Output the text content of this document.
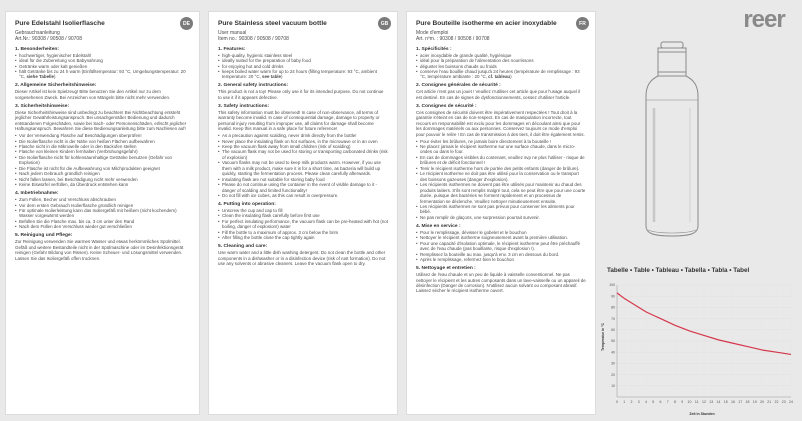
reer
Pure Edelstahl Isolierflasche	DE
Gebrauchsanleitung
Art.Nr.: 90308 / 90508 / 90708
1. Besonderheiten:
• hochwertiger, hygienischer Edelstahl
• ideal für die Zubereitung von Babynahrung
• Getränke warm oder kalt genießen
• hält Getränke bis zu 24 h warm (Einfülltemperatur: 93 °C, Umgebungstemperatur: 20 °C, siehe Tabelle)
2. Allgemeine Sicherheitshinweise:

Dieser Artikel ist kein Spielzeug! Bitte benutzen Sie den Artikel nur zu dem vorgesehenen Zweck. Bei Anzeichen von Mängeln bitte nicht mehr verwenden.

3. Sicherheitshinweise:

Diese Sicherheitshinweise sind unbedingt zu beachten! Bei Nichtbeachtung entsteht jeglicher Gewährleistungsanspruch. Bei unsachgemäßer Bedienung und dadurch entstandenen Folgeschäden, sowie bei Sach- oder Personenschäden, erlischt jeglicher Haftungsanspruch. Bewahren Sie diese Bedienungsanleitung bitte zum Nachlesen auf!

• Vor der Verwendung Flasche auf Beschädigungen überprüfen!
• Die Isolierflasche nicht in der Nähe von heißen Flächen aufbewahren
• Flasche nicht in die Mikrowelle oder in den Backofen stellen
• Flasche von kleinen Kindern fernhalten (Verbrühungsgefahr)
• Die Isolierflasche nicht für kohlensäurehaltige Getränke benutzen (Gefahr von Explosion)
• Die Flasche ist nicht für die Aufbewahrung von Milchprodukten geeignet
• Nach jedem Gebrauch gründlich reinigen
• Nicht fallen lassen, bei Beschädigung nicht mehr verwenden
• Keine Eiswürfel verfüllen, da Überdruck entstehen kann
4. Inbetriebnahme:
• Zum Füllen, Becher und Verschluss abschrauben
• Vor dem ersten Gebrauch Isolierflasche gründlich reinigen
• Für optimale Isolierleistung kann das Isoliergefäß mit heißem (nicht kochendem) Wasser vorgewärmt werden
• Befüllen Sie die Flasche max. bis ca. 3 cm unter den Rand
• Nach dem Füllen den Verschluss wieder gut verschließen
5. Reinigung und Pflege:

Zur Reinigung verwenden Sie warmes Wasser und etwas herkömmliches Spülmittel. Gefäß und weitere Bestandteile nicht in der Spülmaschine oder im Desinfektionsgerät reinigen (Gefahr Bildung von Rissen). Keine Scheuer- und Lösungsmittel verwenden. Lassen Sie das Isoliergefäß offen trocknen.

Pure Stainless steel vacuum bottle	GB
User manual
Item no.: 90308 / 90508 / 90708
1. Features:
• high-quality, hygienic stainless steel
• ideally suited for the preparation of baby food
• for enjoying hot and cold drinks
• keeps boiled water warm for up to 24 hours (filling temperature: 93 °C, ambient temperature: 20 °C, see table)
2. General safety instructions:

This product is not a toy! Please only use it for its intended purpose. Do not continue to use it if it appears defective.

3. Safety instructions:

This safety information must be observed! In case of non-observance, all terms of warranty become invalid. In case of consequential damage, damage to property or personal injury resulting from improper use, all claims for damage shall become invalid. Keep this manual in a safe place for future reference!

• As a precaution against scalding, never drink directly from the bottle!
• Never place the insulating flask on hot surfaces, in the microwave or in an oven
• Keep the vacuum flask away from small children (risk of scalding)
• The vacuum flask may not be used for storing or transporting carbonated drinks (risk of explosion)
• Vacuum flasks may not be used to keep milk products warm. However, if you use them with a milk product, make sure it is for a short time, as bacteria will build up quickly, starting the fermentation process. Please clean carefully afterwards.
• Insulating flask are not suitable for storing baby food
• Please do not continue using the container in the event of visible damage to it - danger of scalding and limited functionality!
• Do not fill with ice cubes, as this can result in overpressure.
4. Putting into operation:
• Unscrew the cup and cap to fill
• Clean the insulating flask carefully before first use
• For perfect insulating performance, the vacuum flask can be pre-heated with hot (not boiling, danger of explosion!) water
• Fill the bottle to a maximum of approx. 3 cm below the brim
• After filling the bottle close the cap tightly again
5. Cleaning and care:

Use warm water and a little dish washing detergent. Do not clean the bottle and other components in a dishwasher or in a disinfection device (risk of rust formation). Do not use any solvents or abrasive cleaners. Leave the vacuum flask open to dry.

Pure Bouteille isotherme en acier inoxydable	FR
Mode d'emploi
Art. nºm. : 90308 / 90508 / 90708
1. Spécificités :
• acier inoxydable de grande qualité, hygiénique
• idéal pour la préparation de l'alimentation des nourrissons
• déguster les boissons chauds ou froids
• conserve l'eau bouillie chaud jusqu'à 24 heures (température de remplissage : 93 °C, température ambiante : 20 °C, cf. tableau)
2. Consignes générales de sécurité :

Cet article n'est pas un jouet ! Veuillez n'utiliser cet article que pour l'usage auquel il est destiné. En cas de signes de dysfonctionnements, cessez d'utiliser l'article.

3. Consignes de sécurité :

Ces consignes de sécurité doivent être impérativement respectées ! Tout droit à la garantie s'éteint en cas de non-respect. En cas de manipulation incorrecte, tout recours en responsabilité est exclu pour les dommages en découlant ainsi que pour les dommages matériels ou aux personnes. Conservez toujours ce mode d'emploi pour pouvoir le relire ! En cas de transmission à des tiers, il doit être également remis.

• Pour éviter les brûlures, ne jamais boire directement à la bouteille !
• Ne placez jamais le récipient isotherme sur une surface chaude, dans le micro-ondes ou dans le four.
• En cas de dommages visibles du contenant, veuillez svp ne plus l'utiliser - risque de brûlures et de déficit fonctionnel !
• Tenir le récipient isotherme hors de portée des petits enfants (danger de brûlure).
• Le récipient isotherme ne doit pas être utilisé pour la conservation ou le transport des boissons gazeuses (danger d'explosion).
• Les récipients isothermes ne doivent pas être utilisés pour maintenir au chaud des produits laitiers. S'ils sont remplis malgré tout, cela ne peut être que pour une courte durée, puisque des bactéries se forment rapidement et un processus de fermentation se déclenche. Veuillez nettoyer minutieusement ensuite.
• Les récipients isothermes ne sont pas prévus pour conserver les aliments pour bébé.
• Ne pas remplir de glaçons, une surpression pourrait survenir.
4. Mise en service :
• Pour le remplissage, dévisser le gobelet et le bouchon
• Nettoyer le récipient isotherme soigneusement avant la première utilisation.
• Pour une capacité d'isolation optimale, le récipient isotherme peut être préchauffé avec de l'eau chaude (pas bouillante, risque d'explosion !).
• Remplissez la bouteille au max. jusqu'à env. 3 cm en dessous du bord.
• Après le remplissage, refermez bien le bouchon
5. Nettoyage et entretien :

Utilisez de l'eau chaude et un peu de liquide à vaisselle conventionnel. Ne pas nettoyer le récipient et les autres composants dans un lave-vaisselle ou un appareil de désinfection (Danger de corrosion). N'utilisez aucun solvant ou composant abrasif. Laissez sécher le récipient isotherme ouvert.

Tabelle • Table • Tableau • Tabella • Tabla • Tabel
10
20
30
40
50
60
70
80
90
100
0 1 2 3 4 5 6 7 8 9 10 11 12 13 14 15 16 17 18 19 20 21 22 23 24
Temperatur in °C
Zeit in Stunden
